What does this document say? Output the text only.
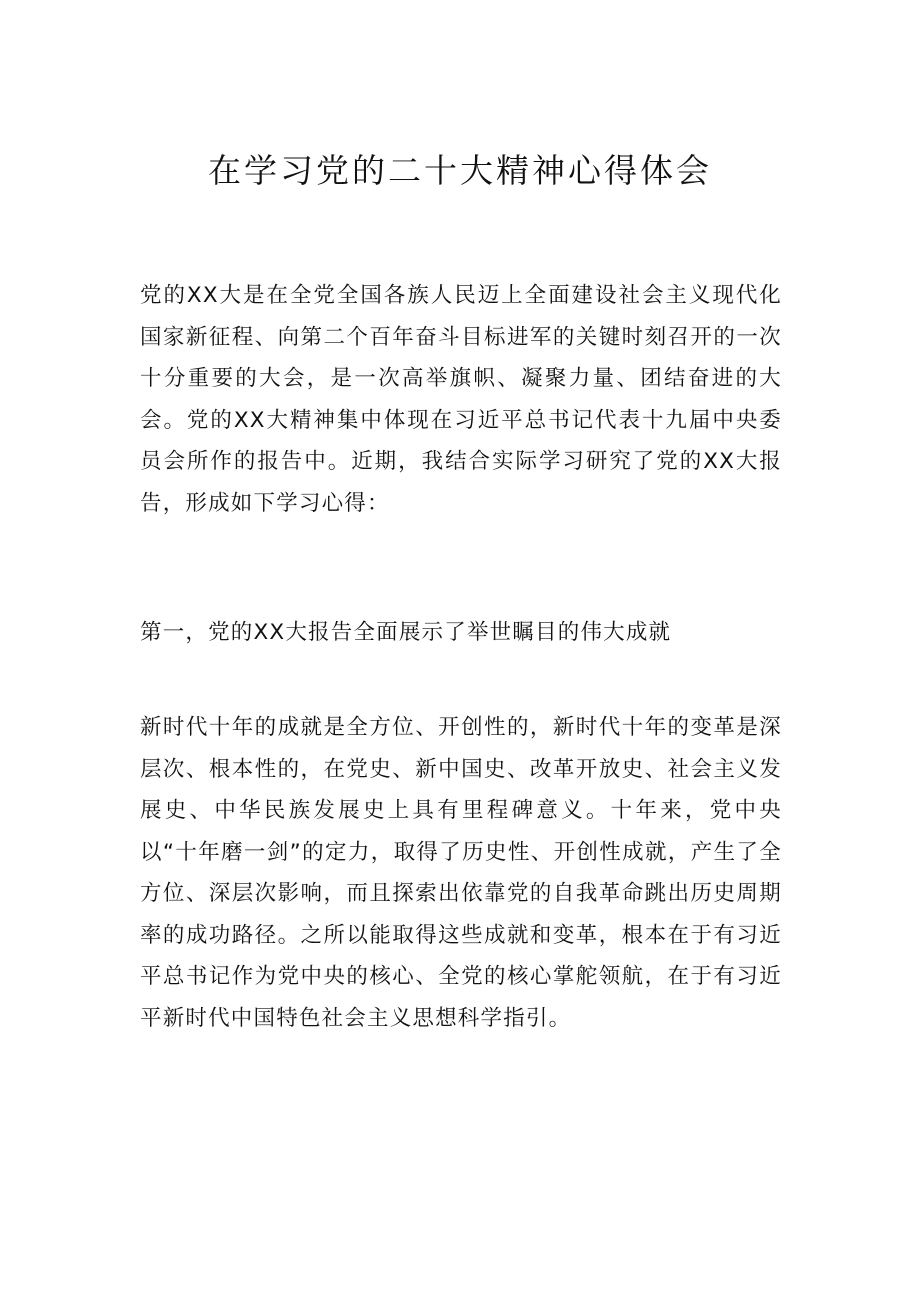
在学习党的二十大精神心得体会

党的XX大是在全党全国各族人民迈上全面建设社会主义现代化国家新征程、向第二个百年奋斗目标进军的关键时刻召开的一次十分重要的大会，是一次高举旗帜、凝聚力量、团结奋进的大会。党的XX大精神集中体现在习近平总书记代表十九届中央委员会所作的报告中。近期，我结合实际学习研究了党的XX大报告，形成如下学习心得：

第一，党的XX大报告全面展示了举世瞩目的伟大成就

新时代十年的成就是全方位、开创性的，新时代十年的变革是深层次、根本性的，在党史、新中国史、改革开放史、社会主义发展史、中华民族发展史上具有里程碑意义。十年来，党中央以“十年磨一剑”的定力，取得了历史性、开创性成就，产生了全方位、深层次影响，而且探索出依靠党的自我革命跳出历史周期率的成功路径。之所以能取得这些成就和变革，根本在于有习近平总书记作为党中央的核心、全党的核心掌舵领航，在于有习近平新时代中国特色社会主义思想科学指引。
